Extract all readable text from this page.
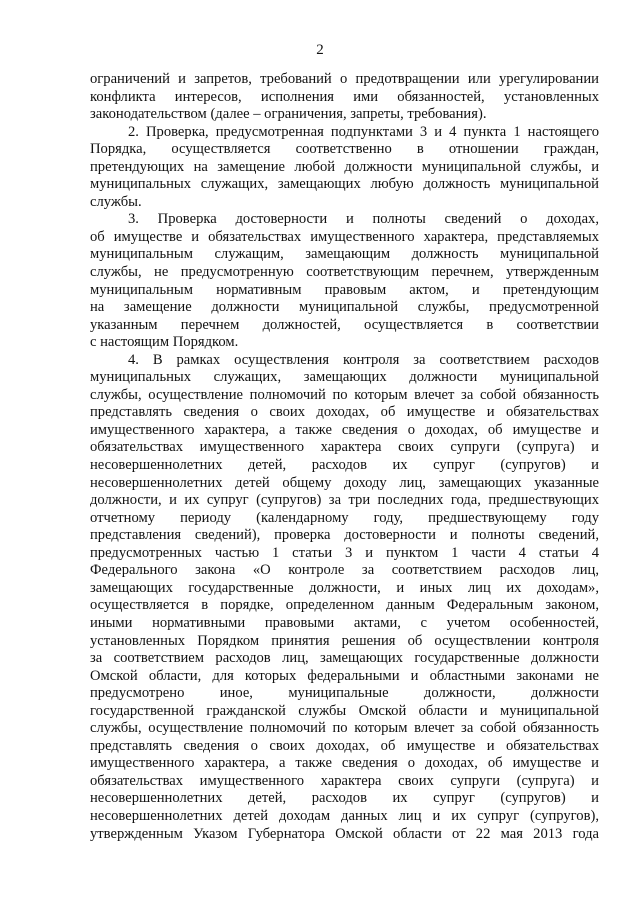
2
ограничений и запретов, требований о предотвращении или урегулировании
конфликта интересов, исполнения ими обязанностей, установленных
законодательством (далее – ограничения, запреты, требования).
2. Проверка, предусмотренная подпунктами 3 и 4 пункта 1 настоящего
Порядка, осуществляется соответственно в отношении граждан,
претендующих на замещение любой должности муниципальной службы, и
муниципальных служащих, замещающих любую должность муниципальной
службы.
3. Проверка достоверности и полноты сведений о доходах,
об имуществе и обязательствах имущественного характера, представляемых
муниципальным служащим, замещающим должность муниципальной
службы, не предусмотренную соответствующим перечнем, утвержденным
муниципальным нормативным правовым актом, и претендующим
на замещение должности муниципальной службы, предусмотренной
указанным перечнем должностей, осуществляется в соответствии
с настоящим Порядком.
4. В рамках осуществления контроля за соответствием расходов
муниципальных служащих, замещающих должности муниципальной
службы, осуществление полномочий по которым влечет за собой обязанность
представлять сведения о своих доходах, об имуществе и обязательствах
имущественного характера, а также сведения о доходах, об имуществе и
обязательствах имущественного характера своих супруги (супруга) и
несовершеннолетних детей, расходов их супруг (супругов) и
несовершеннолетних детей общему доходу лиц, замещающих указанные
должности, и их супруг (супругов) за три последних года, предшествующих
отчетному периоду (календарному году, предшествующему году
представления сведений), проверка достоверности и полноты сведений,
предусмотренных частью 1 статьи 3 и пунктом 1 части 4 статьи 4
Федерального закона «О контроле за соответствием расходов лиц,
замещающих государственные должности, и иных лиц их доходам»,
осуществляется в порядке, определенном данным Федеральным законом,
иными нормативными правовыми актами, с учетом особенностей,
установленных Порядком принятия решения об осуществлении контроля
за соответствием расходов лиц, замещающих государственные должности
Омской области, для которых федеральными и областными законами не
предусмотрено иное, муниципальные должности, должности
государственной гражданской службы Омской области и муниципальной
службы, осуществление полномочий по которым влечет за собой обязанность
представлять сведения о своих доходах, об имуществе и обязательствах
имущественного характера, а также сведения о доходах, об имуществе и
обязательствах имущественного характера своих супруги (супруга) и
несовершеннолетних детей, расходов их супруг (супругов) и
несовершеннолетних детей доходам данных лиц и их супруг (супругов),
утвержденным Указом Губернатора Омской области от 22 мая 2013 года
